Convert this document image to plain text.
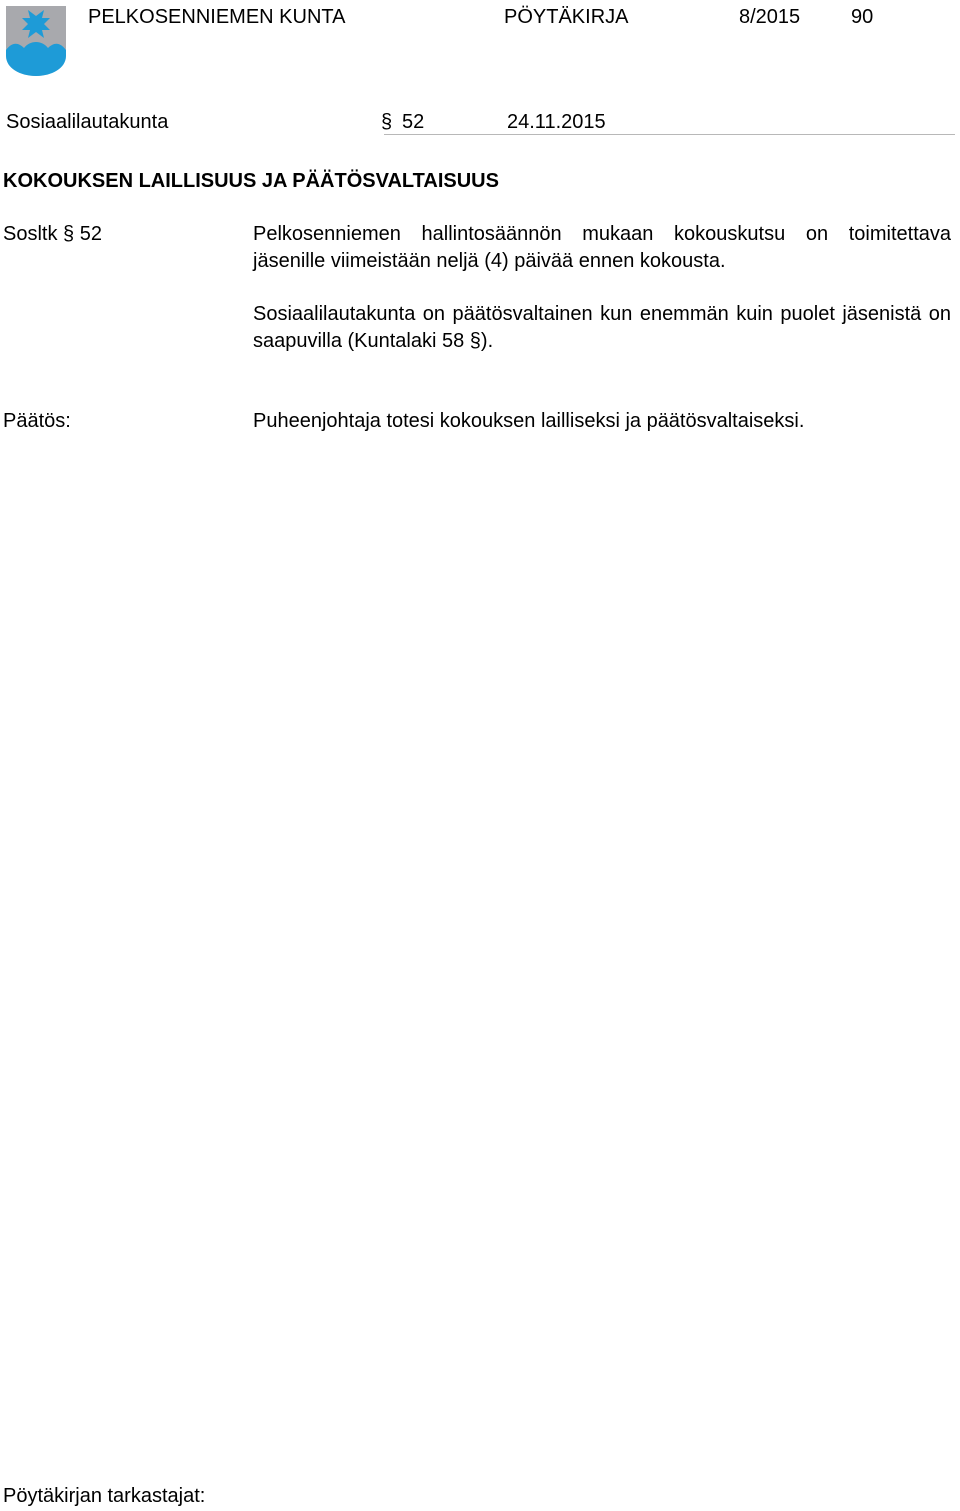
PELKOSENNIEMEN KUNTA	PÖYTÄKIRJA	8/2015	90
Sosiaalilautakunta	§ 52	24.11.2015
KOKOUKSEN LAILLISUUS JA PÄÄTÖSVALTAISUUS
Sosltk § 52	Pelkosenniemen hallintosäännön mukaan kokouskutsu on toimitettava jäsenille viimeistään neljä (4) päivää ennen kokousta.
Sosiaalilautakunta on päätösvaltainen kun enemmän kuin puolet jäsenistä on saapuvilla (Kuntalaki 58 §).
Päätös:	Puheenjohtaja totesi kokouksen lailliseksi ja päätösvaltaiseksi.
Pöytäkirjan tarkastajat:
